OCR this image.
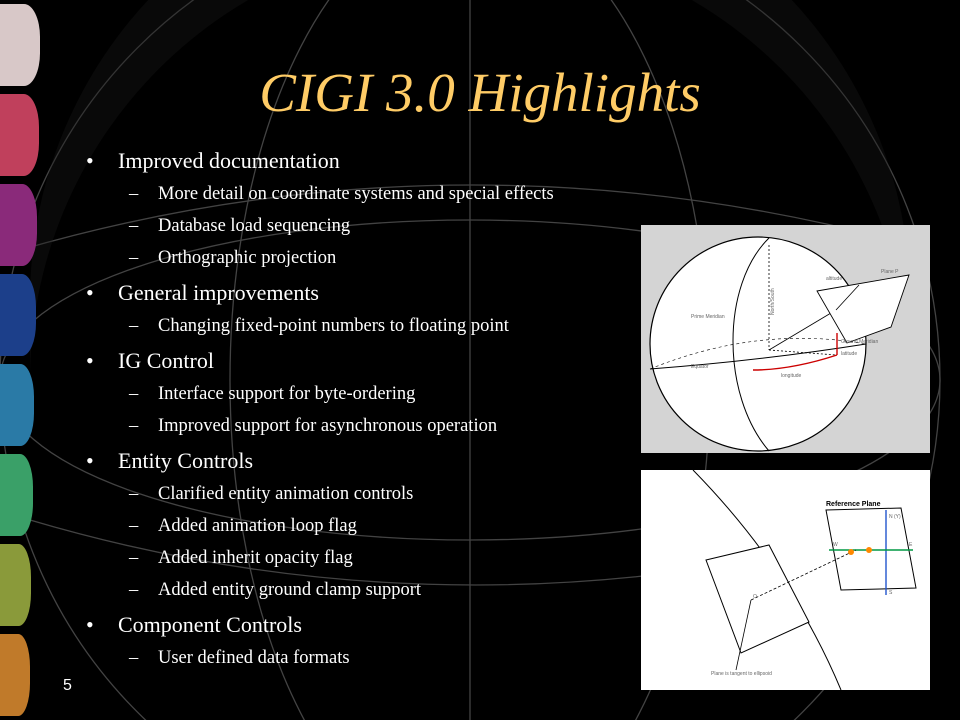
CIGI 3.0 Highlights
• Improved documentation
– More detail on coordinate systems and special effects
– Database load sequencing
– Orthographic projection
• General improvements
– Changing fixed-point numbers to floating point
• IG Control
– Interface support for byte-ordering
– Improved support for asynchronous operation
• Entity Controls
– Clarified entity animation controls
– Added animation loop flag
– Added inherit opacity flag
– Added entity ground clamp support
• Component Controls
– User defined data formats
Prime Meridian
Equator
latitude
longitude
altitude
Ground Meridian
Plane P
North/South
Reference Plane
N (Y)
E
W
S
O
Plane is tangent to ellipsoid
5
